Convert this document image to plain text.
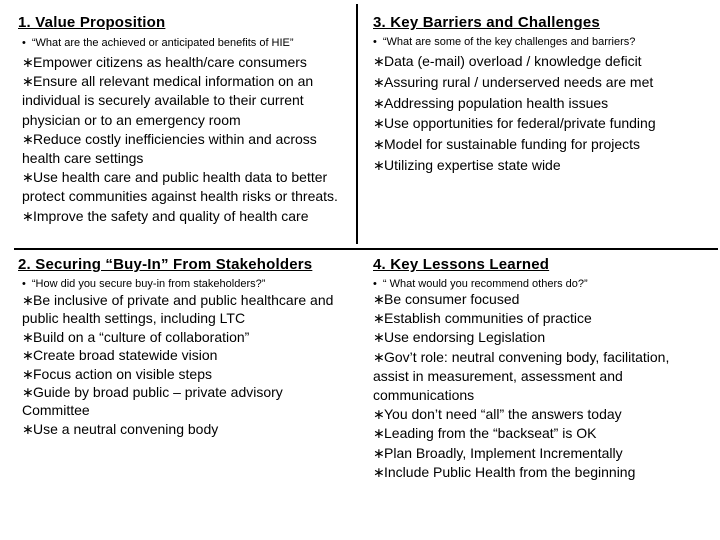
1. Value Proposition
• “What are the achieved or anticipated benefits of HIE”
∗Empower citizens as health/care consumers
∗Ensure all relevant medical information on an individual is securely available to their current physician or to an emergency room
∗Reduce costly inefficiencies within and across health care settings
∗Use health care and public health data to better protect communities against health risks or threats.
∗Improve the safety and quality of health care
3. Key Barriers and Challenges
• “What are some of the key challenges and barriers?
∗Data (e-mail) overload / knowledge deficit
∗Assuring rural / underserved needs are met
∗Addressing population health issues
∗Use opportunities for federal/private funding
∗Model for sustainable funding for projects
∗Utilizing expertise state wide
2. Securing “Buy-In” From Stakeholders
• “How did you secure buy-in from stakeholders?”
∗Be inclusive of private and public healthcare and public health settings, including LTC
∗Build on a “culture of collaboration”
∗Create broad statewide vision
∗Focus action on visible steps
∗Guide by broad public – private advisory Committee
∗Use a neutral convening body
4. Key Lessons Learned
• “ What would you recommend others do?”
∗Be consumer focused
∗Establish communities of practice
∗Use endorsing Legislation
∗Gov’t role: neutral convening body, facilitation, assist in measurement, assessment and communications
∗You don’t need “all” the answers today
∗Leading from the “backseat” is OK
∗Plan Broadly, Implement Incrementally
∗Include Public Health from the beginning
